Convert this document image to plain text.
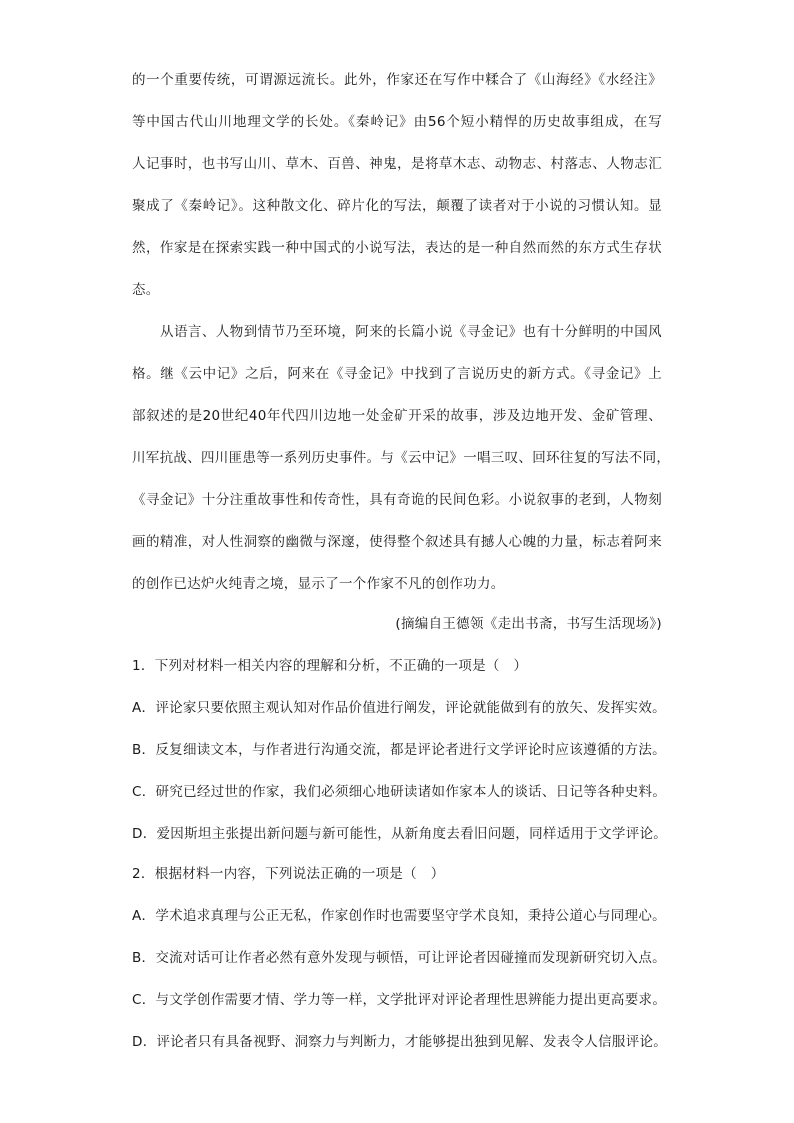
的一个重要传统，可谓源远流长。此外，作家还在写作中糅合了《山海经》《水经注》
等中国古代山川地理文学的长处。《秦岭记》由56个短小精悍的历史故事组成，在写
人记事时，也书写山川、草木、百兽、神鬼，是将草木志、动物志、村落志、人物志汇
聚成了《秦岭记》。这种散文化、碎片化的写法，颠覆了读者对于小说的习惯认知。显
然，作家是在探索实践一种中国式的小说写法，表达的是一种自然而然的东方式生存状
态。
从语言、人物到情节乃至环境，阿来的长篇小说《寻金记》也有十分鲜明的中国风
格。继《云中记》之后，阿来在《寻金记》中找到了言说历史的新方式。《寻金记》上
部叙述的是20世纪40年代四川边地一处金矿开采的故事，涉及边地开发、金矿管理、
川军抗战、四川匪患等一系列历史事件。与《云中记》一唱三叹、回环往复的写法不同，
《寻金记》十分注重故事性和传奇性，具有奇诡的民间色彩。小说叙事的老到，人物刻
画的精准，对人性洞察的幽微与深邃，使得整个叙述具有撼人心魄的力量，标志着阿来
的创作已达炉火纯青之境，显示了一个作家不凡的创作功力。
(摘编自王德领《走出书斋，书写生活现场》)
1．下列对材料一相关内容的理解和分析，不正确的一项是（　）
A．评论家只要依照主观认知对作品价值进行阐发，评论就能做到有的放矢、发挥实效。
B．反复细读文本，与作者进行沟通交流，都是评论者进行文学评论时应该遵循的方法。
C．研究已经过世的作家，我们必须细心地研读诸如作家本人的谈话、日记等各种史料。
D．爱因斯坦主张提出新问题与新可能性，从新角度去看旧问题，同样适用于文学评论。
2．根据材料一内容，下列说法正确的一项是（　）
A．学术追求真理与公正无私，作家创作时也需要坚守学术良知，秉持公道心与同理心。
B．交流对话可让作者必然有意外发现与顿悟，可让评论者因碰撞而发现新研究切入点。
C．与文学创作需要才情、学力等一样，文学批评对评论者理性思辨能力提出更高要求。
D．评论者只有具备视野、洞察力与判断力，才能够提出独到见解、发表令人信服评论。
